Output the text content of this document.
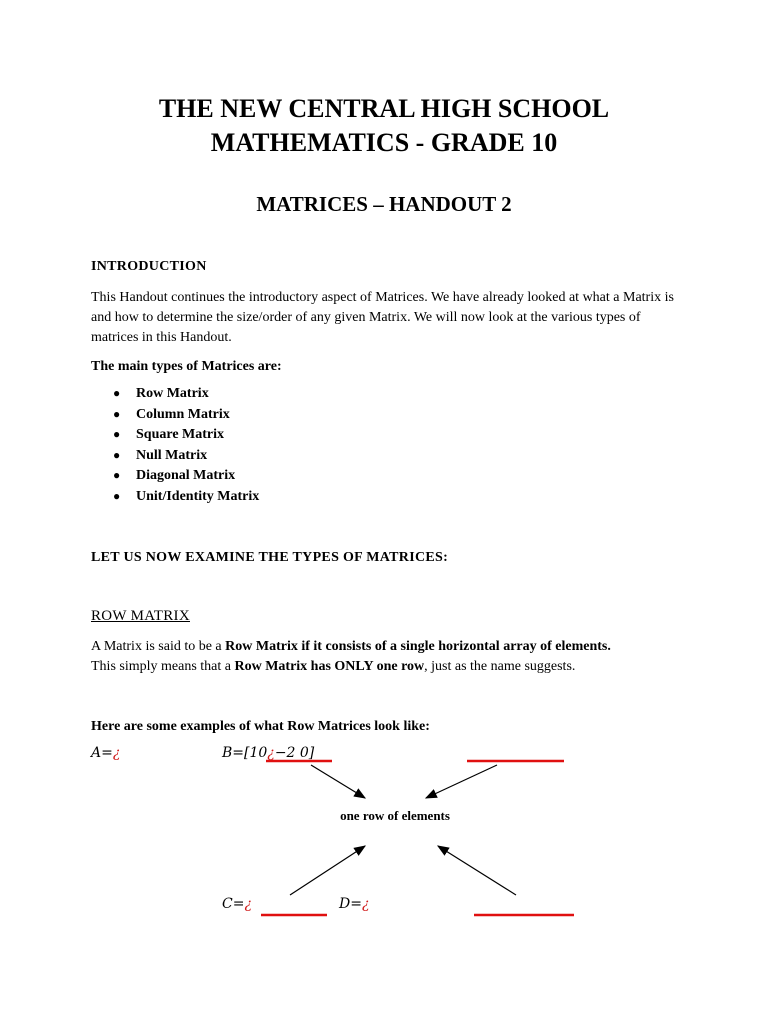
THE NEW CENTRAL HIGH SCHOOL
MATHEMATICS - GRADE 10
MATRICES – HANDOUT 2
INTRODUCTION
This Handout continues the introductory aspect of Matrices. We have already looked at what a Matrix is and how to determine the size/order of any given Matrix. We will now look at the various types of matrices in this Handout.
The main types of Matrices are:
● Row Matrix
● Column Matrix
● Square Matrix
● Null Matrix
● Diagonal Matrix
● Unit/Identity Matrix
LET US NOW EXAMINE THE TYPES OF MATRICES:
ROW MATRIX
A Matrix is said to be a Row Matrix if it consists of a single horizontal array of elements.
This simply means that a Row Matrix has ONLY one row, just as the name suggests.
Here are some examples of what Row Matrices look like:
A=¿	B=[10¿−2 0]
C=¿	D=¿
one row of elements
